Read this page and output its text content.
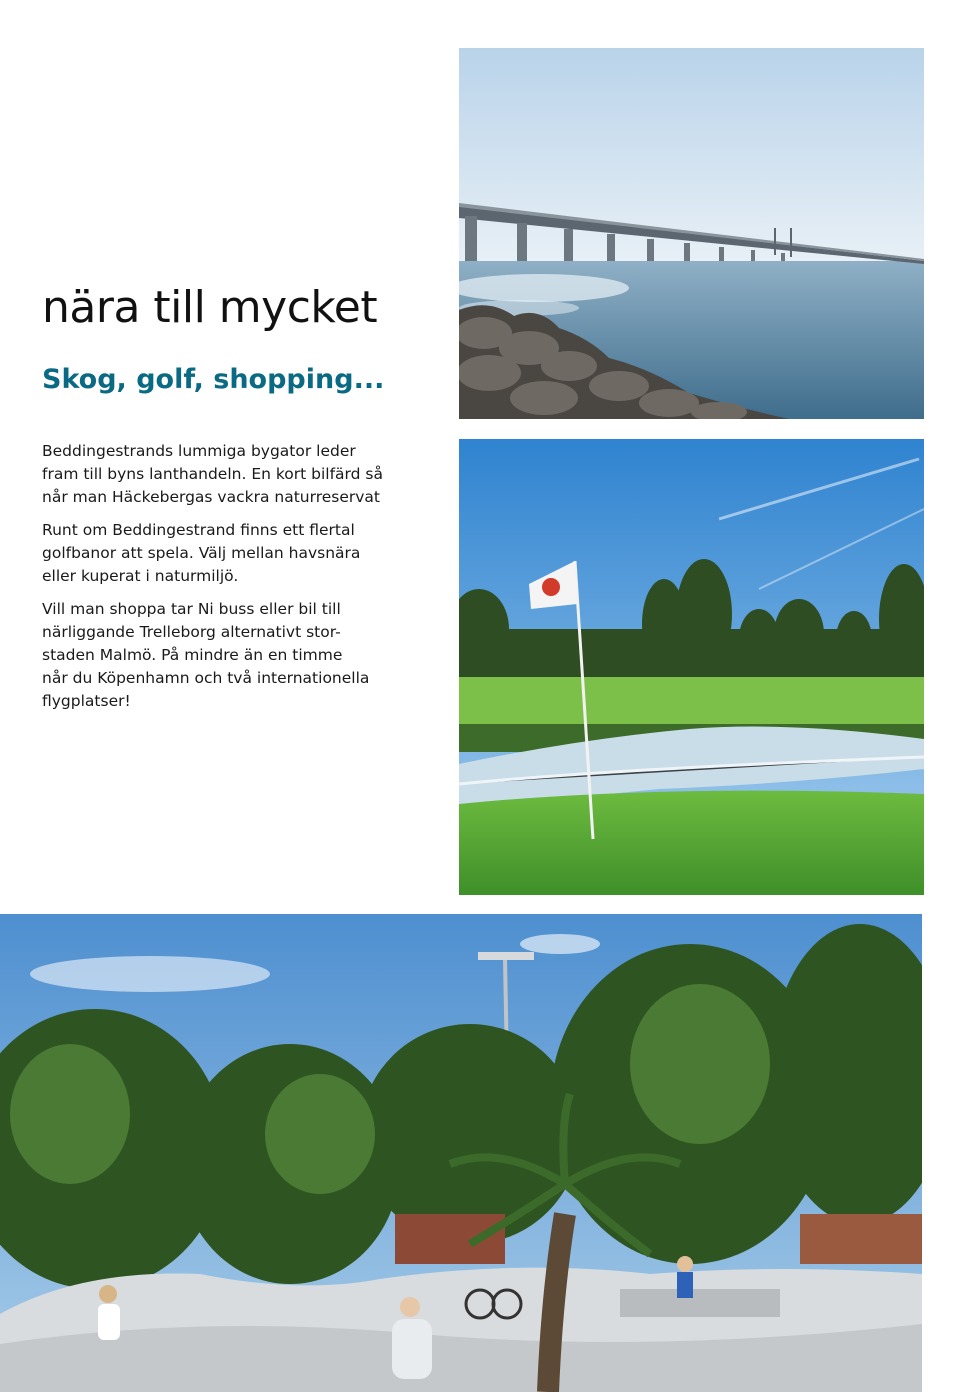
nära till mycket
Skog, golf, shopping...

Beddingestrands lummiga bygator leder
fram till byns lanthandeln. En kort bilfärd så
når man Häckebergas vackra naturreservat

Runt om Beddingestrand finns ett flertal
golfbanor att spela. Välj mellan havsnära
eller kuperat i naturmiljö.

Vill man shoppa tar Ni buss eller bil till
närliggande Trelleborg alternativt stor-
staden Malmö. På mindre än en timme
når du Köpenhamn och två internationella
flygplatser!
